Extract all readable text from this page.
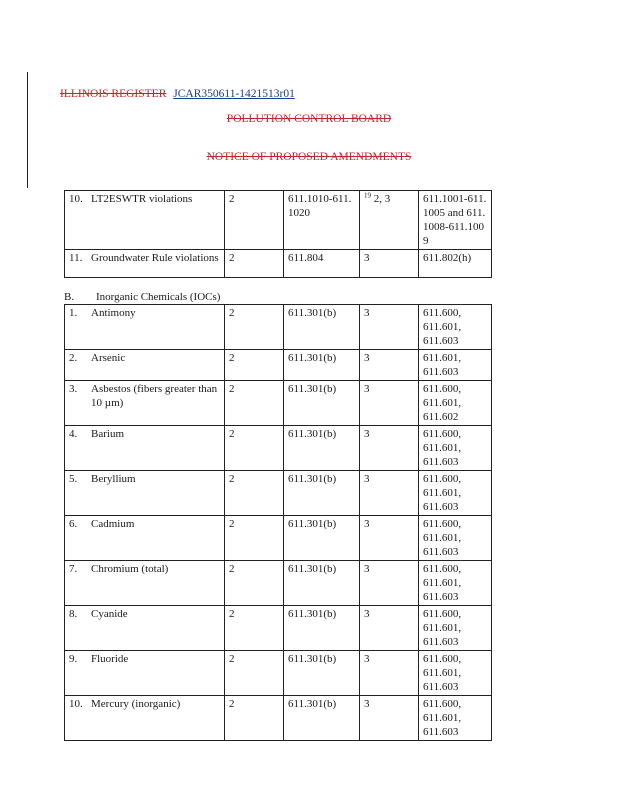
ILLINOIS REGISTER JCAR350611-1421513r01
POLLUTION CONTROL BOARD
NOTICE OF PROPOSED AMENDMENTS
10. LT2ESWTR violations	2	611.1010-611.1020	$^{19}$ 2, 3	611.1001-611.1005 and 611.1008-611.1009

11. Groundwater Rule violations	2	611.804	3	611.802(h)
B. Inorganic Chemicals (IOCs)
1. Antimony	2	611.301(b)	3	611.600, 611.601, 611.603

2. Arsenic	2	611.301(b)	3	611.601, 611.603

3. Asbestos (fibers greater than 10 µm)	2	611.301(b)	3	611.600, 611.601, 611.602

4. Barium	2	611.301(b)	3	611.600, 611.601, 611.603

5. Beryllium	2	611.301(b)	3	611.600, 611.601, 611.603

6. Cadmium	2	611.301(b)	3	611.600, 611.601, 611.603

7. Chromium (total)	2	611.301(b)	3	611.600, 611.601, 611.603

8. Cyanide	2	611.301(b)	3	611.600, 611.601, 611.603

9. Fluoride	2	611.301(b)	3	611.600, 611.601, 611.603

10. Mercury (inorganic)	2	611.301(b)	3	611.600, 611.601, 611.603
